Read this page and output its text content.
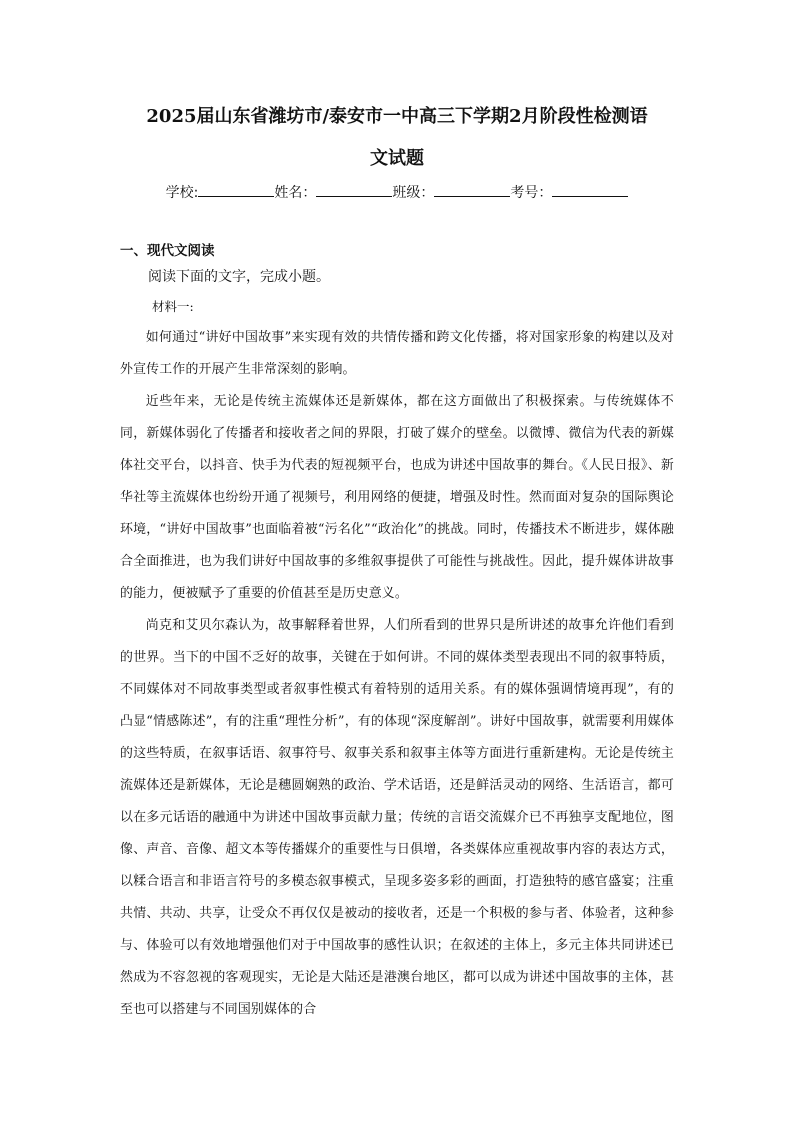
2025届山东省潍坊市/泰安市一中高三下学期2月阶段性检测语
文试题
学校:	姓名：	班级：	考号：
一、现代文阅读
阅读下面的文字，完成小题。
材料一:

如何通过“讲好中国故事”来实现有效的共情传播和跨文化传播，将对国家形象的构建以及对外宣传工作的开展产生非常深刻的影响。

近些年来，无论是传统主流媒体还是新媒体，都在这方面做出了积极探索。与传统媒体不同，新媒体弱化了传播者和接收者之间的界限，打破了媒介的壁垒。以微博、微信为代表的新媒体社交平台，以抖音、快手为代表的短视频平台，也成为讲述中国故事的舞台。《人民日报》、新华社等主流媒体也纷纷开通了视频号，利用网络的便捷，增强及时性。然而面对复杂的国际舆论环境，“讲好中国故事”也面临着被“污名化”“政治化”的挑战。同时，传播技术不断进步，媒体融合全面推进，也为我们讲好中国故事的多维叙事提供了可能性与挑战性。因此，提升媒体讲故事的能力，便被赋予了重要的价值甚至是历史意义。

尚克和艾贝尔森认为，故事解释着世界，人们所看到的世界只是所讲述的故事允许他们看到的世界。当下的中国不乏好的故事，关键在于如何讲。不同的媒体类型表现出不同的叙事特质，不同媒体对不同故事类型或者叙事性模式有着特别的适用关系。有的媒体强调情境再现”，有的凸显“情感陈述”，有的注重“理性分析”，有的体现“深度解剖”。讲好中国故事，就需要利用媒体的这些特质，在叙事话语、叙事符号、叙事关系和叙事主体等方面进行重新建构。无论是传统主流媒体还是新媒体，无论是穗圆娴熟的政治、学术话语，还是鲜活灵动的网络、生活语言，都可以在多元话语的融通中为讲述中国故事贡献力量；传统的言语交流媒介已不再独享支配地位，图像、声音、音像、超文本等传播媒介的重要性与日俱增，各类媒体应重视故事内容的表达方式，以糅合语言和非语言符号的多模态叙事模式，呈现多姿多彩的画面，打造独特的感官盛宴；注重共情、共动、共享，让受众不再仅仅是被动的接收者，还是一个积极的参与者、体验者，这种参与、体验可以有效地增强他们对于中国故事的感性认识；在叙述的主体上，多元主体共同讲述已然成为不容忽视的客观现实，无论是大陆还是港澳台地区，都可以成为讲述中国故事的主体，甚至也可以搭建与不同国别媒体的合
